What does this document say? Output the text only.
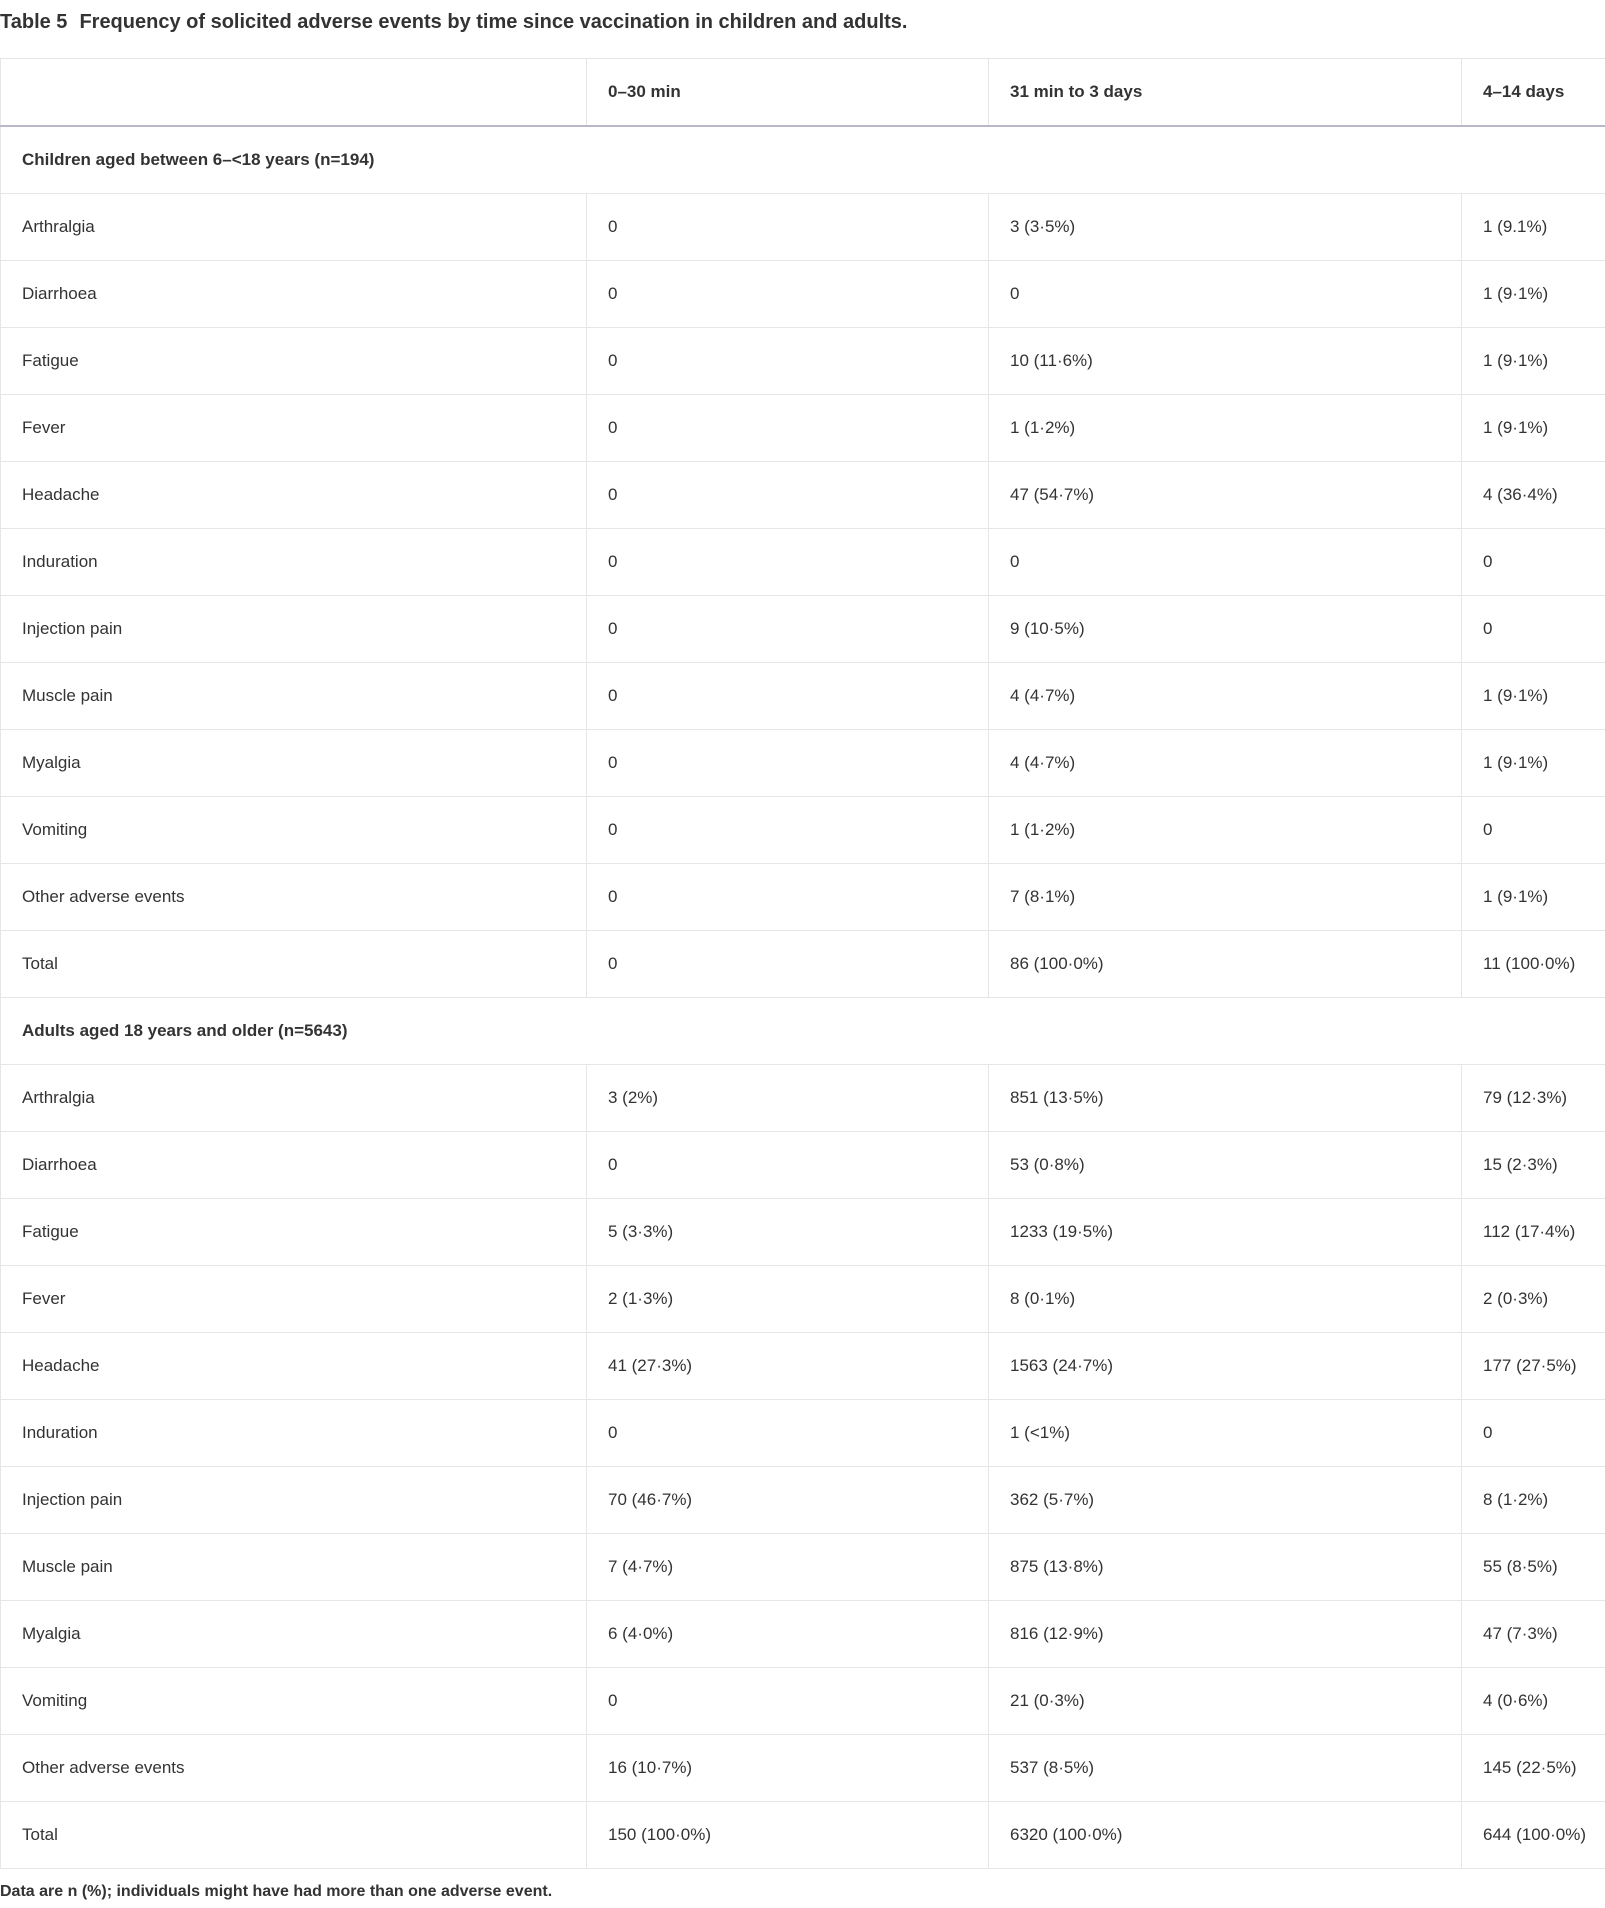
Table 5 Frequency of solicited adverse events by time since vaccination in children and adults.
	0–30 min	31 min to 3 days	4–14 days
Children aged between 6–<18 years (n=194)			
Arthralgia	0	3 (3·5%)	1 (9.1%)
Diarrhoea	0	0	1 (9·1%)
Fatigue	0	10 (11·6%)	1 (9·1%)
Fever	0	1 (1·2%)	1 (9·1%)
Headache	0	47 (54·7%)	4 (36·4%)
Induration	0	0	0
Injection pain	0	9 (10·5%)	0
Muscle pain	0	4 (4·7%)	1 (9·1%)
Myalgia	0	4 (4·7%)	1 (9·1%)
Vomiting	0	1 (1·2%)	0
Other adverse events	0	7 (8·1%)	1 (9·1%)
Total	0	86 (100·0%)	11 (100·0%)
Adults aged 18 years and older (n=5643)			
Arthralgia	3 (2%)	851 (13·5%)	79 (12·3%)
Diarrhoea	0	53 (0·8%)	15 (2·3%)
Fatigue	5 (3·3%)	1233 (19·5%)	112 (17·4%)
Fever	2 (1·3%)	8 (0·1%)	2 (0·3%)
Headache	41 (27·3%)	1563 (24·7%)	177 (27·5%)
Induration	0	1 (<1%)	0
Injection pain	70 (46·7%)	362 (5·7%)	8 (1·2%)
Muscle pain	7 (4·7%)	875 (13·8%)	55 (8·5%)
Myalgia	6 (4·0%)	816 (12·9%)	47 (7·3%)
Vomiting	0	21 (0·3%)	4 (0·6%)
Other adverse events	16 (10·7%)	537 (8·5%)	145 (22·5%)
Total	150 (100·0%)	6320 (100·0%)	644 (100·0%)
Data are n (%); individuals might have had more than one adverse event.
